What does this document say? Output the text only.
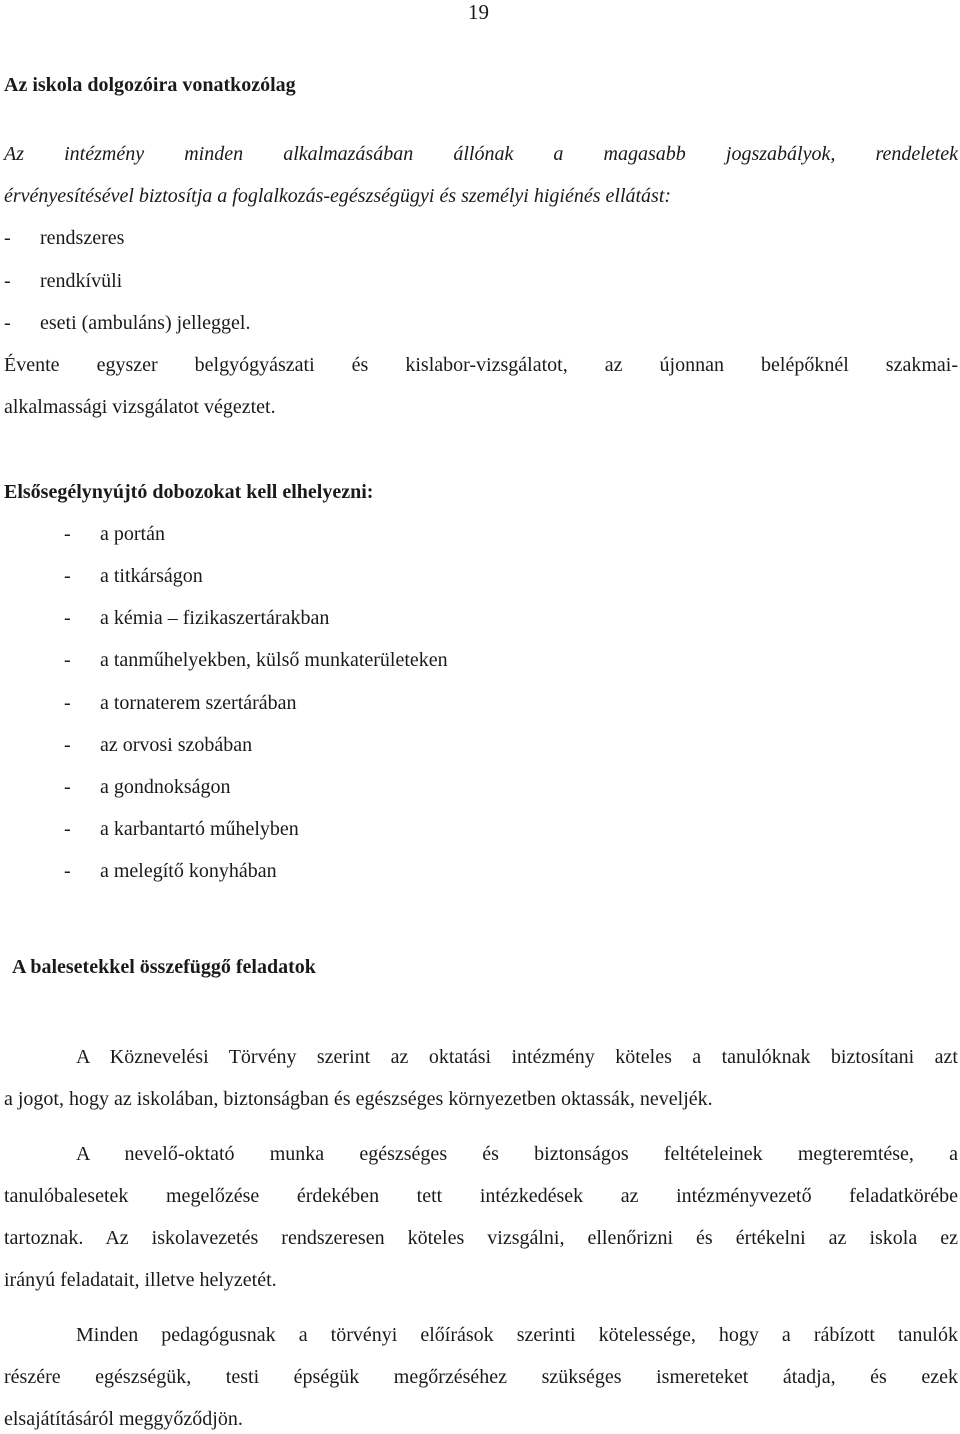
19
Az iskola dolgozóira vonatkozólag
Az intézmény minden alkalmazásában állónak a magasabb jogszabályok, rendeletek
érvényesítésével biztosítja a foglalkozás-egészségügyi és személyi higiénés ellátást:
- rendszeres
- rendkívüli
- eseti (ambuláns) jelleggel.
Évente egyszer belgyógyászati és kislabor-vizsgálatot, az újonnan belépőknél szakmai-
alkalmassági vizsgálatot végeztet.
Elsősegélynyújtó dobozokat kell elhelyezni:
- a portán
- a titkárságon
- a kémia – fizikaszertárakban
- a tanműhelyekben, külső munkaterületeken
- a tornaterem szertárában
- az orvosi szobában
- a gondnokságon
- a karbantartó műhelyben
- a melegítő konyhában
A balesetekkel összefüggő feladatok
A Köznevelési Törvény szerint az oktatási intézmény köteles a tanulóknak biztosítani azt
a jogot, hogy az iskolában, biztonságban és egészséges környezetben oktassák, neveljék.
A nevelő-oktató munka egészséges és biztonságos feltételeinek megteremtése, a
tanulóbalesetek megelőzése érdekében tett intézkedések az intézményvezető feladatkörébe
tartoznak. Az iskolavezetés rendszeresen köteles vizsgálni, ellenőrizni és értékelni az iskola ez
irányú feladatait, illetve helyzetét.
Minden pedagógusnak a törvényi előírások szerinti kötelessége, hogy a rábízott tanulók
részére egészségük, testi épségük megőrzéséhez szükséges ismereteket átadja, és ezek
elsajátításáról meggyőződjön.
